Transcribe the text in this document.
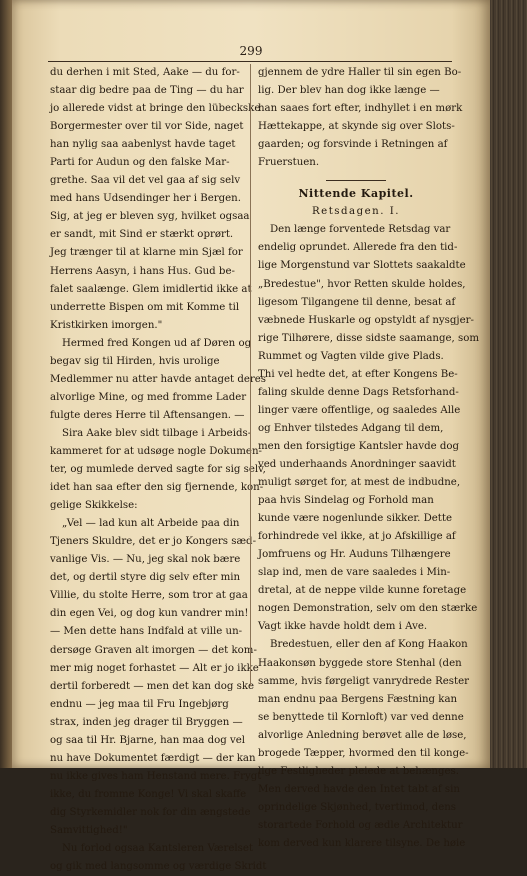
299
du derhen i mit Sted, Aake — du for-
staar dig bedre paa de Ting — du har
jo allerede vidst at bringe den lübeckske
Borgermester over til vor Side, naget
han nylig saa aabenlyst havde taget
Parti for Audun og den falske Mar-
grethe. Saa vil det vel gaa af sig selv
med hans Udsendinger her i Bergen.
Sig, at jeg er bleven syg, hvilket ogsaa
er sandt, mit Sind er stærkt oprørt.
Jeg trænger til at klarne min Sjæl for
Herrens Aasyn, i hans Hus. Gud be-
falet saalænge. Glem imidlertid ikke at
underrette Bispen om mit Komme til
Kristkirken imorgen."
Hermed fred Kongen ud af Døren og
begav sig til Hirden, hvis urolige
Medlemmer nu atter havde antaget deres
alvorlige Mine, og med fromme Lader
fulgte deres Herre til Aftensangen. —
Sira Aake blev sidt tilbage i Arbeids-
kammeret for at udsøge nogle Dokumen-
ter, og mumlede derved sagte for sig selv,
idet han saa efter den sig fjernende, kon-
gelige Skikkelse:
„Vel — lad kun alt Arbeide paa din
Tjeners Skuldre, det er jo Kongers sæd-
vanlige Vis. — Nu, jeg skal nok bære
det, og dertil styre dig selv efter min
Villie, du stolte Herre, som tror at gaa
din egen Vei, og dog kun vandrer min!
— Men dette hans Indfald at ville un-
dersøge Graven alt imorgen — det kom-
mer mig noget forhastet — Alt er jo ikke
dertil forberedt — men det kan dog ske
endnu — jeg maa til Fru Ingebjørg
strax, inden jeg drager til Bryggen —
og saa til Hr. Bjarne, han maa dog vel
nu have Dokumentet færdigt — der kan
nu ikke gives ham Henstand mere. Frygt
ikke, du fromme Konge! Vi skal skaffe
dig Styrkemidler nok for din ængstede
Samvittighed!"
Nu forlod ogsaa Kantsleren Værelset
og gik med langsomme og værdige Skridt
gjennem de ydre Haller til sin egen Bo-
lig. Der blev han dog ikke længe —
han saaes fort efter, indhyllet i en mørk
Hættekappe, at skynde sig over Slots-
gaarden; og forsvinde i Retningen af
Fruerstuen.
Nittende Kapitel.
Retsdagen. I.
Den længe forventede Retsdag var
endelig oprundet. Allerede fra den tid-
lige Morgenstund var Slottets saakaldte
„Bredestue", hvor Retten skulde holdes,
ligesom Tilgangene til denne, besat af
væbnede Huskarle og opstyldt af nysgjer-
rige Tilhørere, disse sidste saamange, som
Rummet og Vagten vilde give Plads.
Thi vel hedte det, at efter Kongens Be-
faling skulde denne Dags Retsforhand-
linger være offentlige, og saaledes Alle
og Enhver tilstedes Adgang til dem,
men den forsigtige Kantsler havde dog
ved underhaands Anordninger saavidt
muligt sørget for, at mest de indbudne,
paa hvis Sindelag og Forhold man
kunde være nogenlunde sikker. Dette
forhindrede vel ikke, at jo Afskillige af
Jomfruens og Hr. Auduns Tilhængere
slap ind, men de vare saaledes i Min-
dretal, at de neppe vilde kunne foretage
nogen Demonstration, selv om den stærke
Vagt ikke havde holdt dem i Ave.
Bredestuen, eller den af Kong Haakon
Haakonsøn byggede store Stenhal (den
samme, hvis førgeligt vanrydrede Rester
man endnu paa Bergens Fæstning kan
se benyttede til Kornloft) var ved denne
alvorlige Anledning berøvet alle de løse,
brogede Tæpper, hvormed den til konge-
lige Festligheder pleiede at behænges.
Men derved havde den Intet tabt af sin
oprindelige Skjønhed, tvertimod, dens
storartede Forhold og ædle Architektur
kom derved kun klarere tilsyne. De høie
